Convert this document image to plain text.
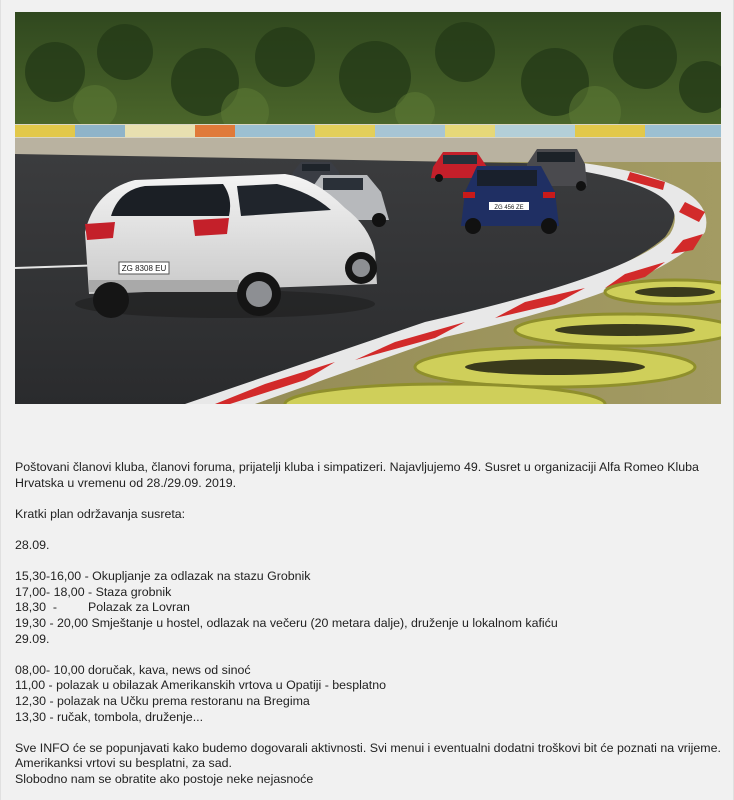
ZG 456 ZE
ZG 8308 EU

Poštovani članovi kluba, članovi foruma, prijatelji kluba i simpatizeri. Najavljujemo 49. Susret u organizaciji Alfa Romeo Kluba Hrvatska u vremenu od 28./29.09. 2019.

Kratki plan održavanja susreta:

28.09.

15,30-16,00 - Okupljanje za odlazak na stazu Grobnik

17,00- 18,00 - Staza grobnik

18,30  -         Polazak za Lovran

19,30 - 20,00 Smještanje u hostel, odlazak na večeru (20 metara dalje), druženje u lokalnom kafiću

29.09.

08,00- 10,00 doručak, kava, news od sinoć

11,00 - polazak u obilazak Amerikanskih vrtova u Opatiji - besplatno

12,30 - polazak na Učku prema restoranu na Bregima

13,30 - ručak, tombola, druženje...

Sve INFO će se popunjavati kako budemo dogovarali aktivnosti. Svi menui i eventualni dodatni troškovi bit će poznati na vrijeme. Amerikanksi vrtovi su besplatni, za sad.

Slobodno nam se obratite ako postoje neke nejasnoće
